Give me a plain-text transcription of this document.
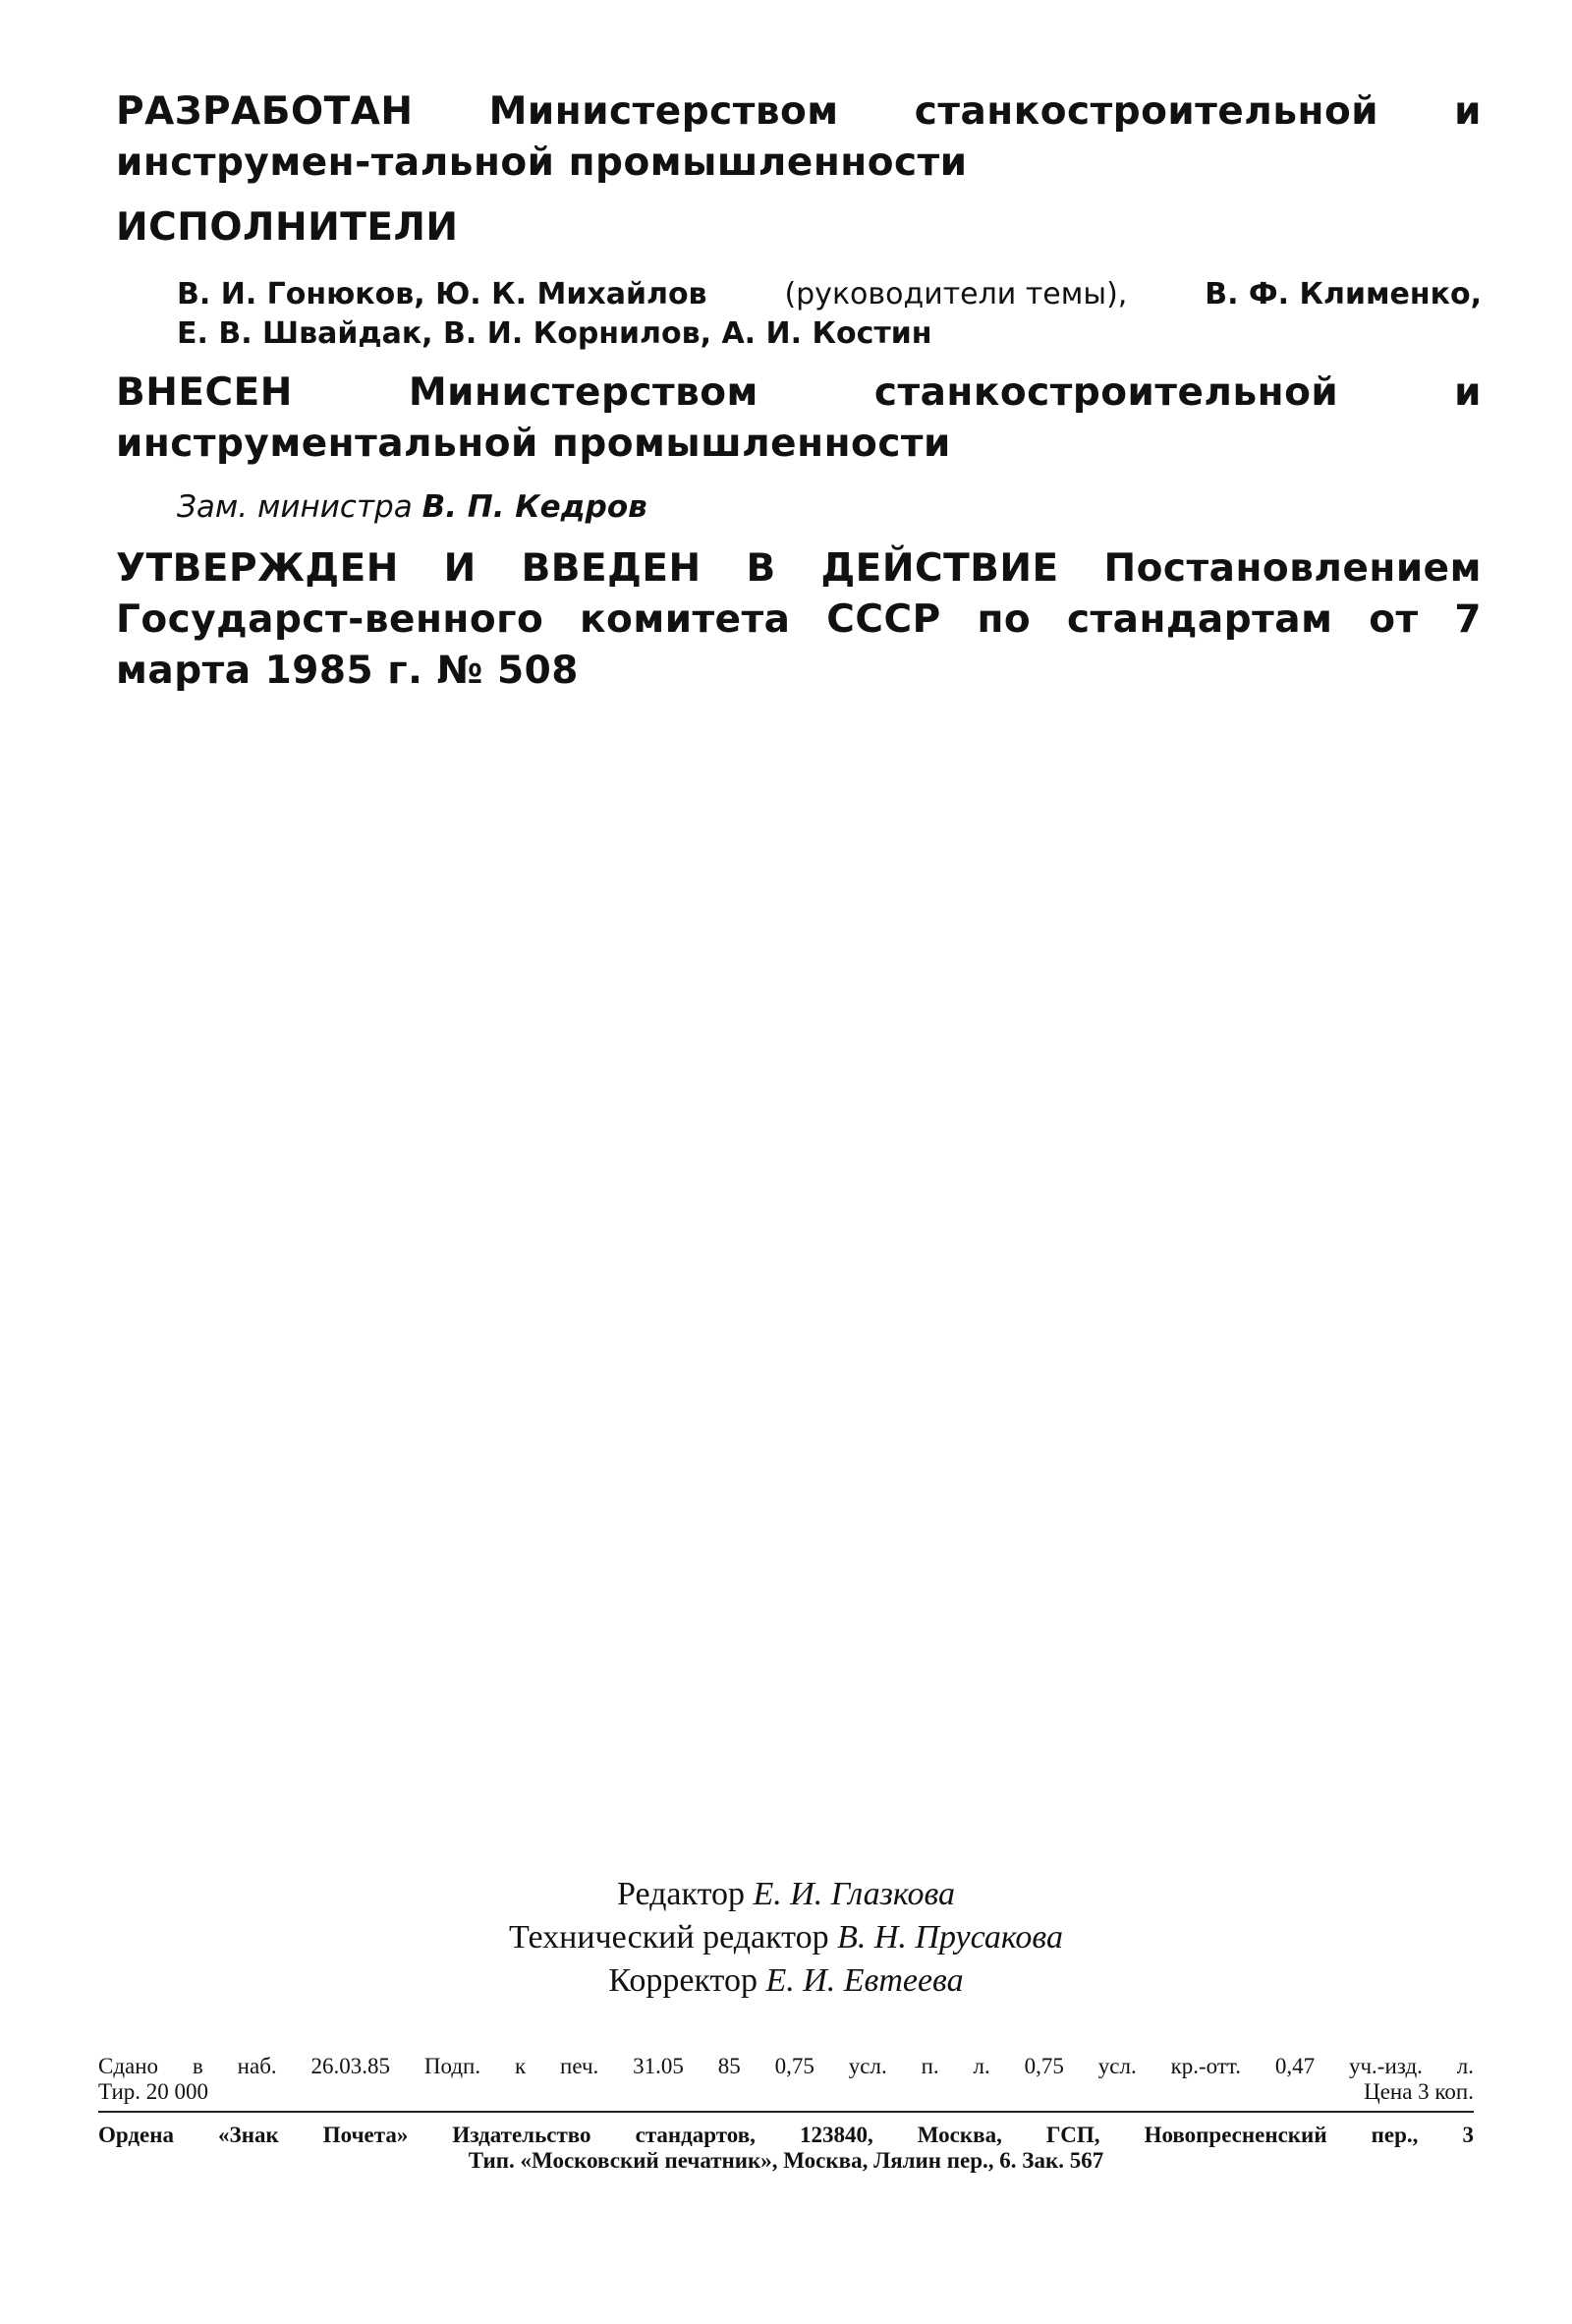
РАЗРАБОТАН Министерством станкостроительной и инструмен-тальной промышленности
ИСПОЛНИТЕЛИ
В. И. Гонюков, Ю. К. Михайлов	(руководители темы),	В. Ф. Клименко,
Е. В. Швайдак, В. И. Корнилов, А. И. Костин
ВНЕСЕН	Министерством станкостроительной и инструментальной промышленности
Зам. министра В. П. Кедров
УТВЕРЖДЕН И ВВЕДЕН В ДЕЙСТВИЕ Постановлением Государст-венного комитета СССР по стандартам от 7 марта 1985 г. № 508
Редактор Е. И. Глазкова
Технический редактор В. Н. Прусакова
Корректор Е. И. Евтеева
Сдано в наб. 26.03.85 Подп. к печ. 31.05 85 0,75 усл. п. л. 0,75 усл. кр.-отт. 0,47 уч.-изд. л.
Тир. 20 000	Цена 3 коп.
Ордена «Знак Почета» Издательство стандартов, 123840, Москва, ГСП, Новопресненский пер., 3
Тип. «Московский печатник», Москва, Лялин пер., 6. Зак. 567
